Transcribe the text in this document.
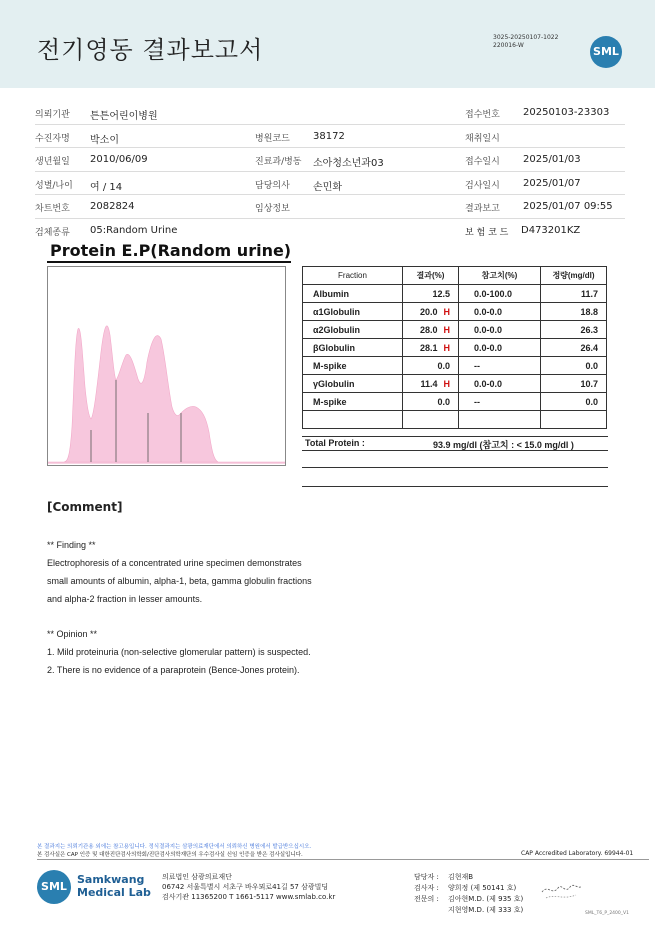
전기영동 결과보고서	3025-20250107-1022
220016-W	SML
의뢰기관 튼튼어린이병원	접수번호 20250103-23303
수진자명 박소이	병원코드 38172	채취일시
생년월일 2010/06/09	진료과/병동 소아청소년과03	접수일시 2025/01/03
성별/나이 여 / 14	담당의사 손민화	검사일시 2025/01/07
차트번호 2082824	임상정보	결과보고 2025/01/07 09:55
검체종류 05:Random Urine	보 험 코 드 D473201KZ
Protein E.P(Random urine)
Fraction	결과(%)	참고치(%)	정량(mg/dl)
Albumin	12.5	0.0-100.0	11.7
α1Globulin	20.0 H	0.0-0.0	18.8
α2Globulin	28.0 H	0.0-0.0	26.3
βGlobulin	28.1 H	0.0-0.0	26.4
M-spike	0.0	--	0.0
γGlobulin	11.4 H	0.0-0.0	10.7
M-spike	0.0	--	0.0

Total Protein :	93.9 mg/dl (참고치 : < 15.0 mg/dl )
[Comment]
** Finding **
Electrophoresis of a concentrated urine specimen demonstrates
small amounts of albumin, alpha-1, beta, gamma globulin fractions
and alpha-2 fraction in lesser amounts.
** Opinion **
1. Mild proteinuria (non-selective glomerular pattern) is suspected.
2. There is no evidence of a paraprotein (Bence-Jones protein).
본 결과지는 의뢰기관용 외에는 참고용입니다. 정식결과지는 삼광의료재단에서 의뢰하신 병원에서 발급받으십시오.
본 검사실은 CAP 인증 및 대한진단검사의학회/진단검사의학재단의 우수검사실 신임 인증을 받은 검사실입니다.	CAP Accredited Laboratory. 69944-01
SML
Samkwang
Medical Lab
의료법인 삼광의료재단
06742 서울특별시 서초구 바우뫼로41길 57 삼광빌딩
검사기관 11365200 T 1661-5117 www.smlab.co.kr
담당자 : 김현재B
검사자 : 양희정 (제 50141 호)
전문의 : 김아현M.D. (제 935 호)
지현영M.D. (제 333 호)	SML_T6_P_2400_V1
